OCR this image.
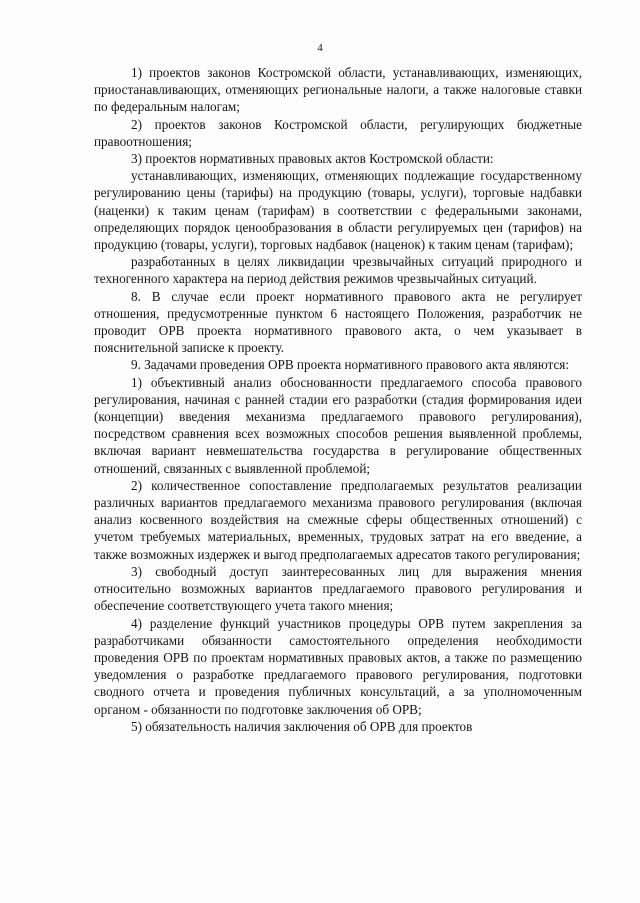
4

1) проектов законов Костромской области, устанавливающих, изменяющих, приостанавливающих, отменяющих региональные налоги, а также налоговые ставки по федеральным налогам;

2) проектов законов Костромской области, регулирующих бюджетные правоотношения;

3) проектов нормативных правовых актов Костромской области:

устанавливающих, изменяющих, отменяющих подлежащие государственному регулированию цены (тарифы) на продукцию (товары, услуги), торговые надбавки (наценки) к таким ценам (тарифам) в соответствии с федеральными законами, определяющих порядок ценообразования в области регулируемых цен (тарифов) на продукцию (товары, услуги), торговых надбавок (наценок) к таким ценам (тарифам);

разработанных в целях ликвидации чрезвычайных ситуаций природного и техногенного характера на период действия режимов чрезвычайных ситуаций.

8. В случае если проект нормативного правового акта не регулирует отношения, предусмотренные пунктом 6 настоящего Положения, разработчик не проводит ОРВ проекта нормативного правового акта, о чем указывает в пояснительной записке к проекту.

9. Задачами проведения ОРВ проекта нормативного правового акта являются:

1) объективный анализ обоснованности предлагаемого способа правового регулирования, начиная с ранней стадии его разработки (стадия формирования идеи (концепции) введения механизма предлагаемого правового регулирования), посредством сравнения всех возможных способов решения выявленной проблемы, включая вариант невмешательства государства в регулирование общественных отношений, связанных с выявленной проблемой;

2) количественное сопоставление предполагаемых результатов реализации различных вариантов предлагаемого механизма правового регулирования (включая анализ косвенного воздействия на смежные сферы общественных отношений) с учетом требуемых материальных, временных, трудовых затрат на его введение, а также возможных издержек и выгод предполагаемых адресатов такого регулирования;

3) свободный доступ заинтересованных лиц для выражения мнения относительно возможных вариантов предлагаемого правового регулирования и обеспечение соответствующего учета такого мнения;

4) разделение функций участников процедуры ОРВ путем закрепления за разработчиками обязанности самостоятельного определения необходимости проведения ОРВ по проектам нормативных правовых актов, а также по размещению уведомления о разработке предлагаемого правового регулирования, подготовки сводного отчета и проведения публичных консультаций, а за уполномоченным органом - обязанности по подготовке заключения об ОРВ;

5) обязательность наличия заключения об ОРВ для проектов
